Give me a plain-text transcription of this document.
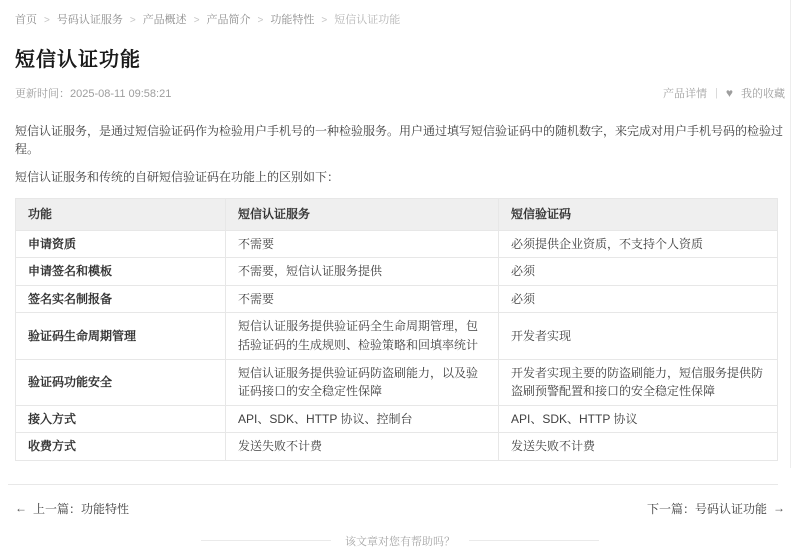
首页 > 号码认证服务 > 产品概述 > 产品简介 > 功能特性 > 短信认证功能
短信认证功能
更新时间：2025-08-11 09:58:21	产品详情 | ♥ 我的收藏

短信认证服务，是通过短信验证码作为检验用户手机号的一种检验服务。用户通过填写短信验证码中的随机数字，来完成对用户手机号码的检验过程。

短信认证服务和传统的自研短信验证码在功能上的区别如下：

功能	短信认证服务	短信验证码
申请资质	不需要	必须提供企业资质，不支持个人资质
申请签名和模板	不需要，短信认证服务提供	必须
签名实名制报备	不需要	必须
验证码生命周期管理	短信认证服务提供验证码全生命周期管理，包括验证码的生成规则、检验策略和回填率统计	开发者实现
验证码功能安全	短信认证服务提供验证码防盗刷能力，以及验证码接口的安全稳定性保障	开发者实现主要的防盗刷能力，短信服务提供防盗刷预警配置和接口的安全稳定性保障
接入方式	API、SDK、HTTP 协议、控制台	API、SDK、HTTP 协议
收费方式	发送失败不计费	发送失败不计费
← 上一篇：功能特性	下一篇：号码认证功能 →
该文章对您有帮助吗？
